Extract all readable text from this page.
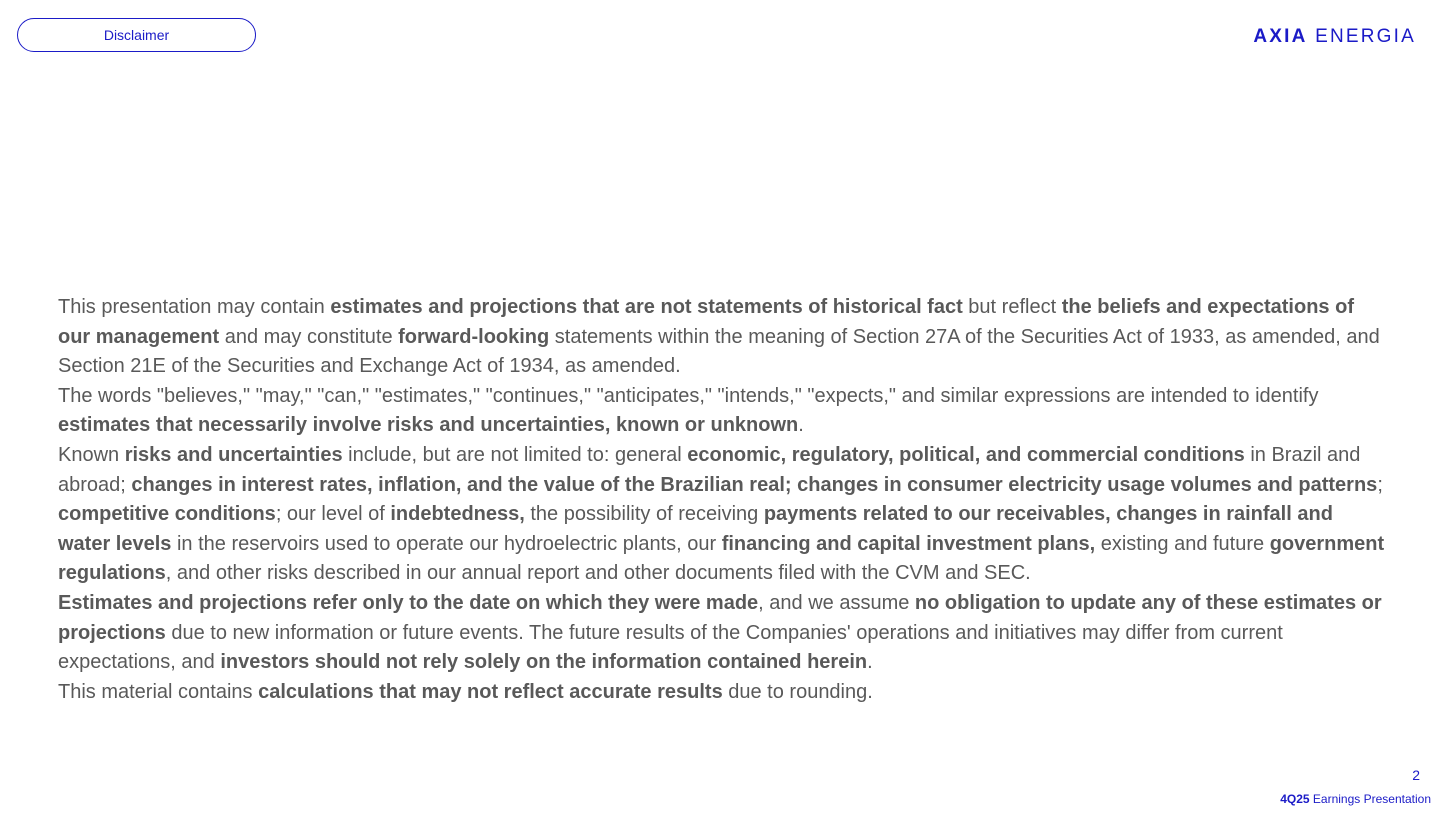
Disclaimer	AXIA ENERGIA

This presentation may contain estimates and projections that are not statements of historical fact but reflect the beliefs and expectations of our management and may constitute forward-looking statements within the meaning of Section 27A of the Securities Act of 1933, as amended, and Section 21E of the Securities and Exchange Act of 1934, as amended.

The words "believes," "may," "can," "estimates," "continues," "anticipates," "intends," "expects," and similar expressions are intended to identify estimates that necessarily involve risks and uncertainties, known or unknown.

Known risks and uncertainties include, but are not limited to: general economic, regulatory, political, and commercial conditions in Brazil and abroad; changes in interest rates, inflation, and the value of the Brazilian real; changes in consumer electricity usage volumes and patterns; competitive conditions; our level of indebtedness, the possibility of receiving payments related to our receivables, changes in rainfall and water levels in the reservoirs used to operate our hydroelectric plants, our financing and capital investment plans, existing and future government regulations, and other risks described in our annual report and other documents filed with the CVM and SEC.

Estimates and projections refer only to the date on which they were made, and we assume no obligation to update any of these estimates or projections due to new information or future events. The future results of the Companies' operations and initiatives may differ from current expectations, and investors should not rely solely on the information contained herein.

This material contains calculations that may not reflect accurate results due to rounding.

2
4Q25 Earnings Presentation
